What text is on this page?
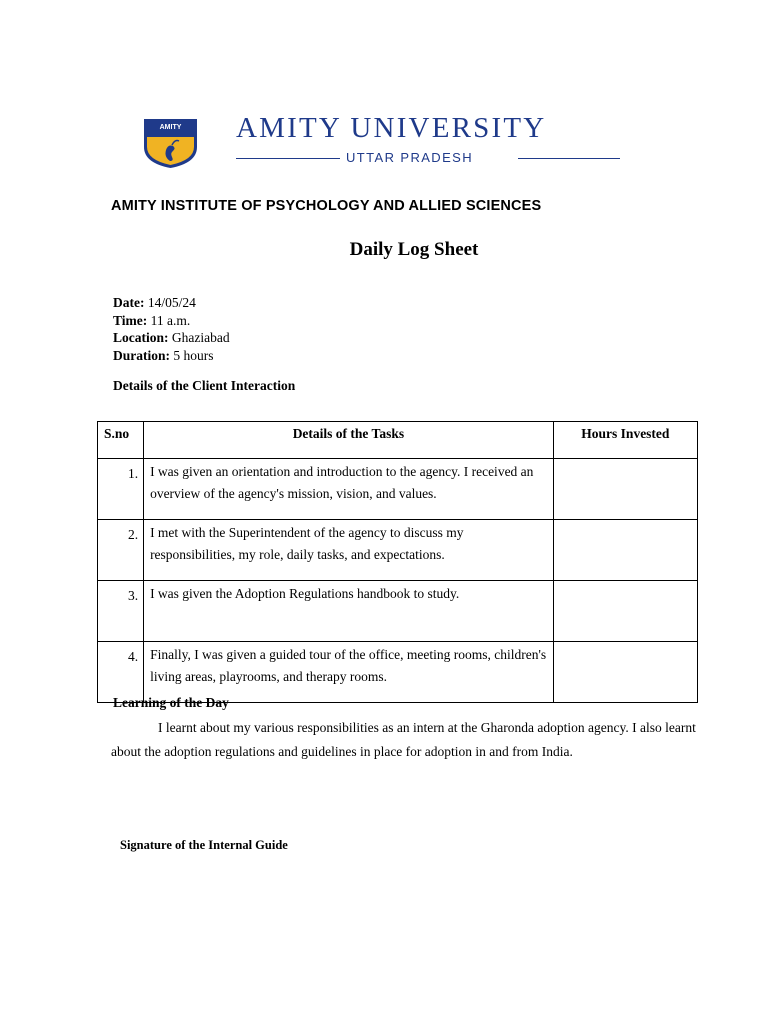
AMITY AMITY UNIVERSITY
UTTAR PRADESH
AMITY INSTITUTE OF PSYCHOLOGY AND ALLIED SCIENCES
Daily Log Sheet
Date: 14/05/24
Time: 11 a.m.
Location: Ghaziabad
Duration: 5 hours
Details of the Client Interaction
S.no	Details of the Tasks	Hours Invested
1.	I was given an orientation and introduction to the agency. I received an overview of the agency's mission, vision, and values.	
2.	I met with the Superintendent of the agency to discuss my responsibilities, my role, daily tasks, and expectations.	
3.	I was given the Adoption Regulations handbook to study.	
4.	Finally, I was given a guided tour of the office, meeting rooms, children's living areas, playrooms, and therapy rooms.	
Learning of the Day
I learnt about my various responsibilities as an intern at the Gharonda adoption agency. I also learnt about the adoption regulations and guidelines in place for adoption in and from India.
Signature of the Internal Guide
